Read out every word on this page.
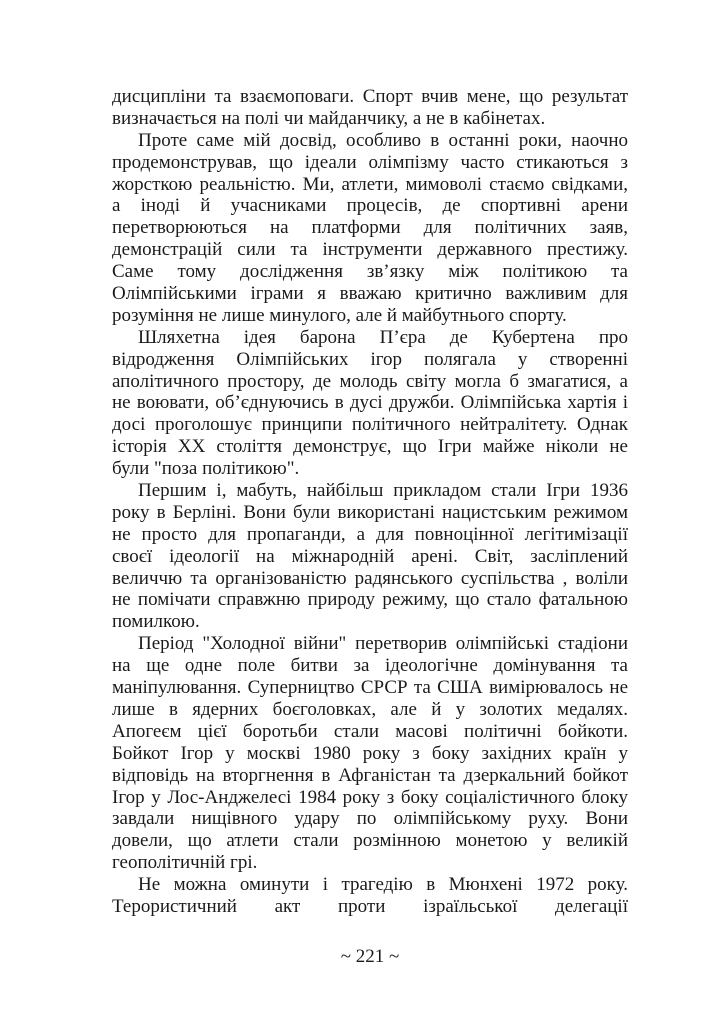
дисципліни та взаємоповаги. Спорт вчив мене, що результат
визначається на полі чи майданчику, а не в кабінетах.
Проте саме мій досвід, особливо в останні роки, наочно
продемонстрував, що ідеали олімпізму часто стикаються з
жорсткою реальністю. Ми, атлети, мимоволі стаємо свідками,
а іноді й учасниками процесів, де спортивні арени
перетворюються на платформи для політичних заяв,
демонстрацій сили та інструменти державного престижу.
Саме тому дослідження зв’язку між політикою та
Олімпійськими іграми я вважаю критично важливим для
розуміння не лише минулого, але й майбутнього спорту.
Шляхетна ідея барона П’єра де Кубертена про
відродження Олімпійських ігор полягала у створенні
аполітичного простору, де молодь світу могла б змагатися, а
не воювати, об’єднуючись в дусі дружби. Олімпійська хартія і
досі проголошує принципи політичного нейтралітету. Однак
історія ХХ століття демонструє, що Ігри майже ніколи не
були "поза політикою".
Першим і, мабуть, найбільш прикладом стали Ігри 1936
року в Берліні. Вони були використані нацистським режимом
не просто для пропаганди, а для повноцінної легітимізації
своєї ідеології на міжнародній арені. Світ, засліплений
величчю та організованістю радянського суспільства , воліли
не помічати справжню природу режиму, що стало фатальною
помилкою.
Період "Холодної війни" перетворив олімпійські стадіони
на ще одне поле битви за ідеологічне домінування та
маніпулювання. Суперництво СРСР та США вимірювалось не
лише в ядерних боєголовках, але й у золотих медалях.
Апогеєм цієї боротьби стали масові політичні бойкоти.
Бойкот Ігор у москві 1980 року з боку західних країн у
відповідь на вторгнення в Афганістан та дзеркальний бойкот
Ігор у Лос-Анджелесі 1984 року з боку соціалістичного блоку
завдали нищівного удару по олімпійському руху. Вони
довели, що атлети стали розмінною монетою у великій
геополітичній грі.
Не можна оминути і трагедію в Мюнхені 1972 року.
Терористичний акт проти ізраїльської делегації
~ 221 ~
